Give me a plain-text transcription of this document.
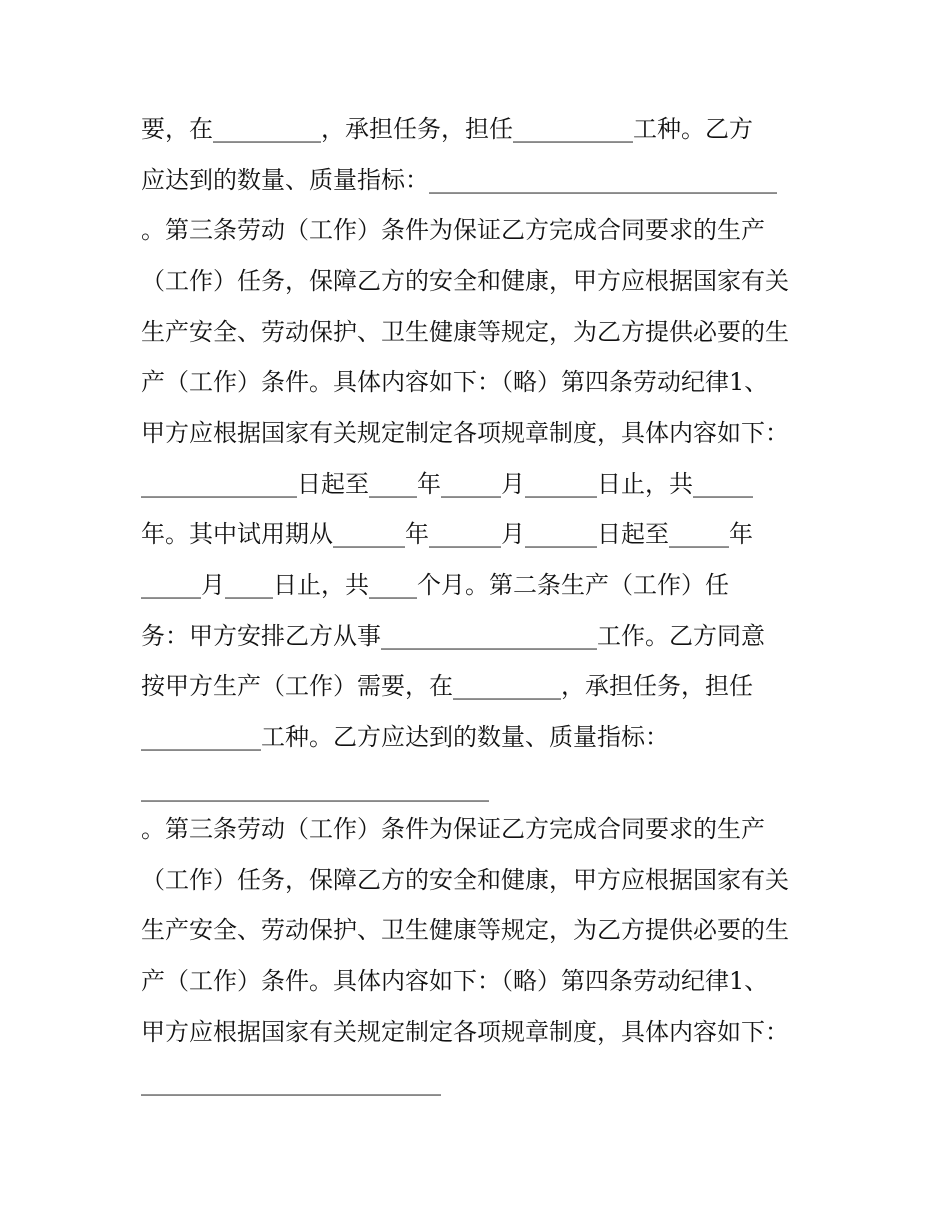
要，在_________，承担任务，担任__________工种。乙方

应达到的数量、质量指标：_____________________________

。第三条劳动（工作）条件为保证乙方完成合同要求的生产

（工作）任务，保障乙方的安全和健康，甲方应根据国家有关

生产安全、劳动保护、卫生健康等规定，为乙方提供必要的生

产（工作）条件。具体内容如下：（略）第四条劳动纪律1、

甲方应根据国家有关规定制定各项规章制度，具体内容如下：

_____________日起至____年_____月______日止，共_____

年。其中试用期从______年______月______日起至_____年

_____月____日止，共____个月。第二条生产（工作）任

务：甲方安排乙方从事__________________工作。乙方同意

按甲方生产（工作）需要，在_________，承担任务，担任

__________工种。乙方应达到的数量、质量指标：

_____________________________

。第三条劳动（工作）条件为保证乙方完成合同要求的生产

（工作）任务，保障乙方的安全和健康，甲方应根据国家有关

生产安全、劳动保护、卫生健康等规定，为乙方提供必要的生

产（工作）条件。具体内容如下：（略）第四条劳动纪律1、

甲方应根据国家有关规定制定各项规章制度，具体内容如下：

_________________________
